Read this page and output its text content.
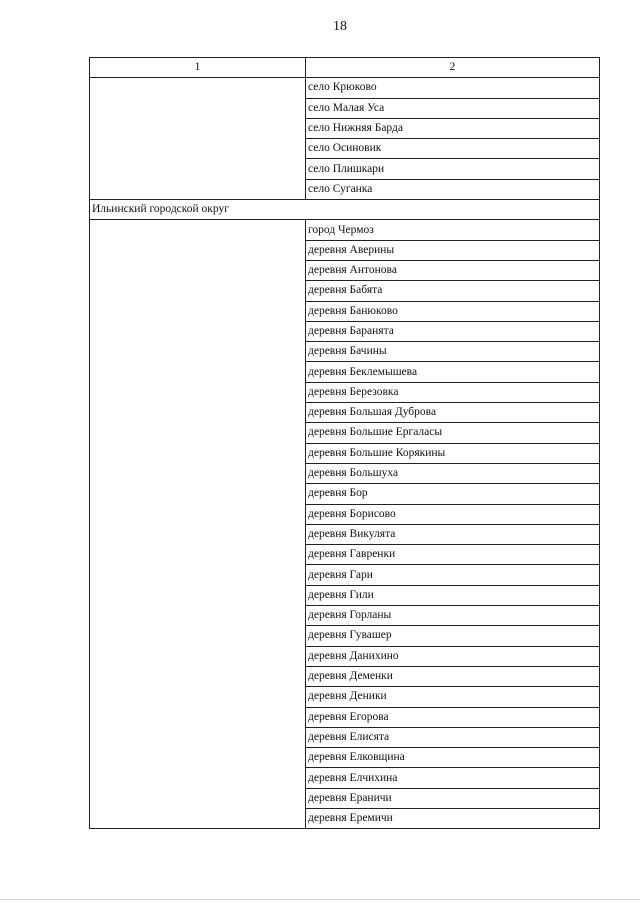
18
1	2
	село Крюково
	село Малая Уса
	село Нижняя Барда
	село Осиновик
	село Плишкари
	село Суганка
Ильинский городской округ	
	город Чермоз
	деревня Аверины
	деревня Антонова
	деревня Бабята
	деревня Банюково
	деревня Баранята
	деревня Бачины
	деревня Беклемышева
	деревня Березовка
	деревня Большая Дуброва
	деревня Большие Ергаласы
	деревня Большие Корякины
	деревня Большуха
	деревня Бор
	деревня Борисово
	деревня Викулята
	деревня Гавренки
	деревня Гари
	деревня Гили
	деревня Горланы
	деревня Гувашер
	деревня Данихино
	деревня Деменки
	деревня Деники
	деревня Егорова
	деревня Елисята
	деревня Елковщина
	деревня Елчихина
	деревня Ераничи
	деревня Еремичи
